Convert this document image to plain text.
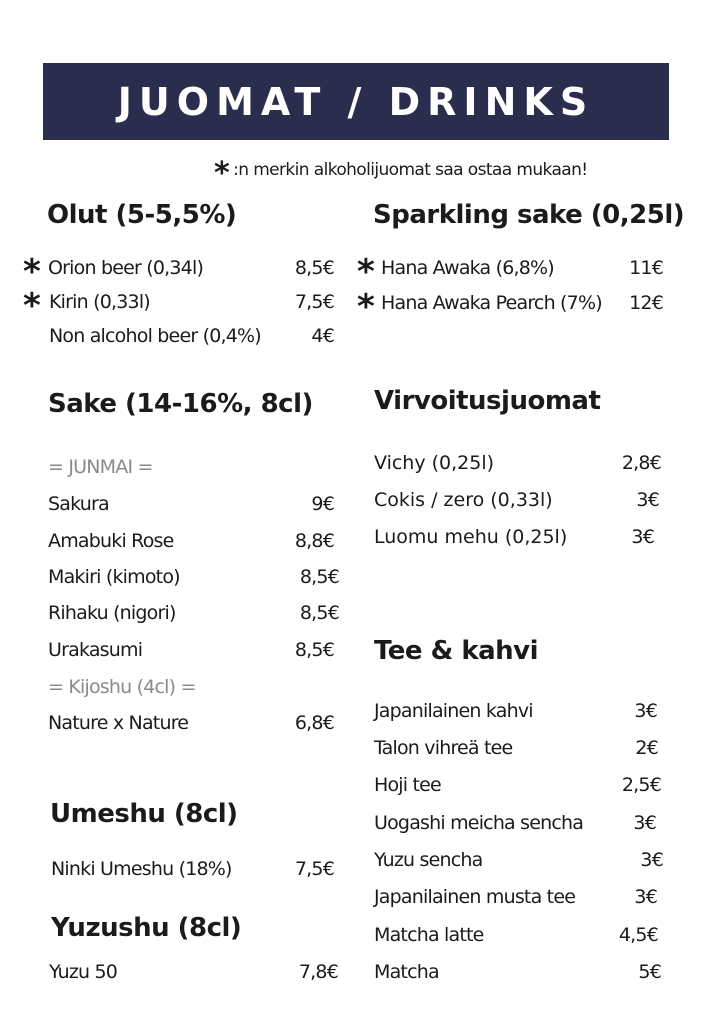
JUOMAT / DRINKS
* :n merkin alkoholijuomat saa ostaa mukaan!
Olut (5-5,5%)
* Orion beer (0,34l)	8,5€
* Kirin (0,33l)	7,5€
Non alcohol beer (0,4%)	4€
Sparkling sake (0,25l)
* Hana Awaka (6,8%)	11€
* Hana Awaka Pearch (7%) 12€
Sake (14-16%, 8cl)
= JUNMAI =
Sakura	9€
Amabuki Rose	8,8€
Makiri (kimoto)	8,5€
Rihaku (nigori)	8,5€
Urakasumi	8,5€
= Kijoshu (4cl) =
Nature x Nature	6,8€
Virvoitusjuomat
Vichy (0,25l)	2,8€
Cokis / zero (0,33l)	3€
Luomu mehu (0,25l)	3€
Tee & kahvi
Japanilainen kahvi	3€
Talon vihreä tee	2€
Hoji tee	2,5€
Uogashi meicha sencha	3€
Yuzu sencha	3€
Japanilainen musta tee	3€
Matcha latte	4,5€
Matcha	5€
Umeshu (8cl)
Ninki Umeshu (18%)	7,5€
Yuzushu (8cl)
Yuzu 50	7,8€
